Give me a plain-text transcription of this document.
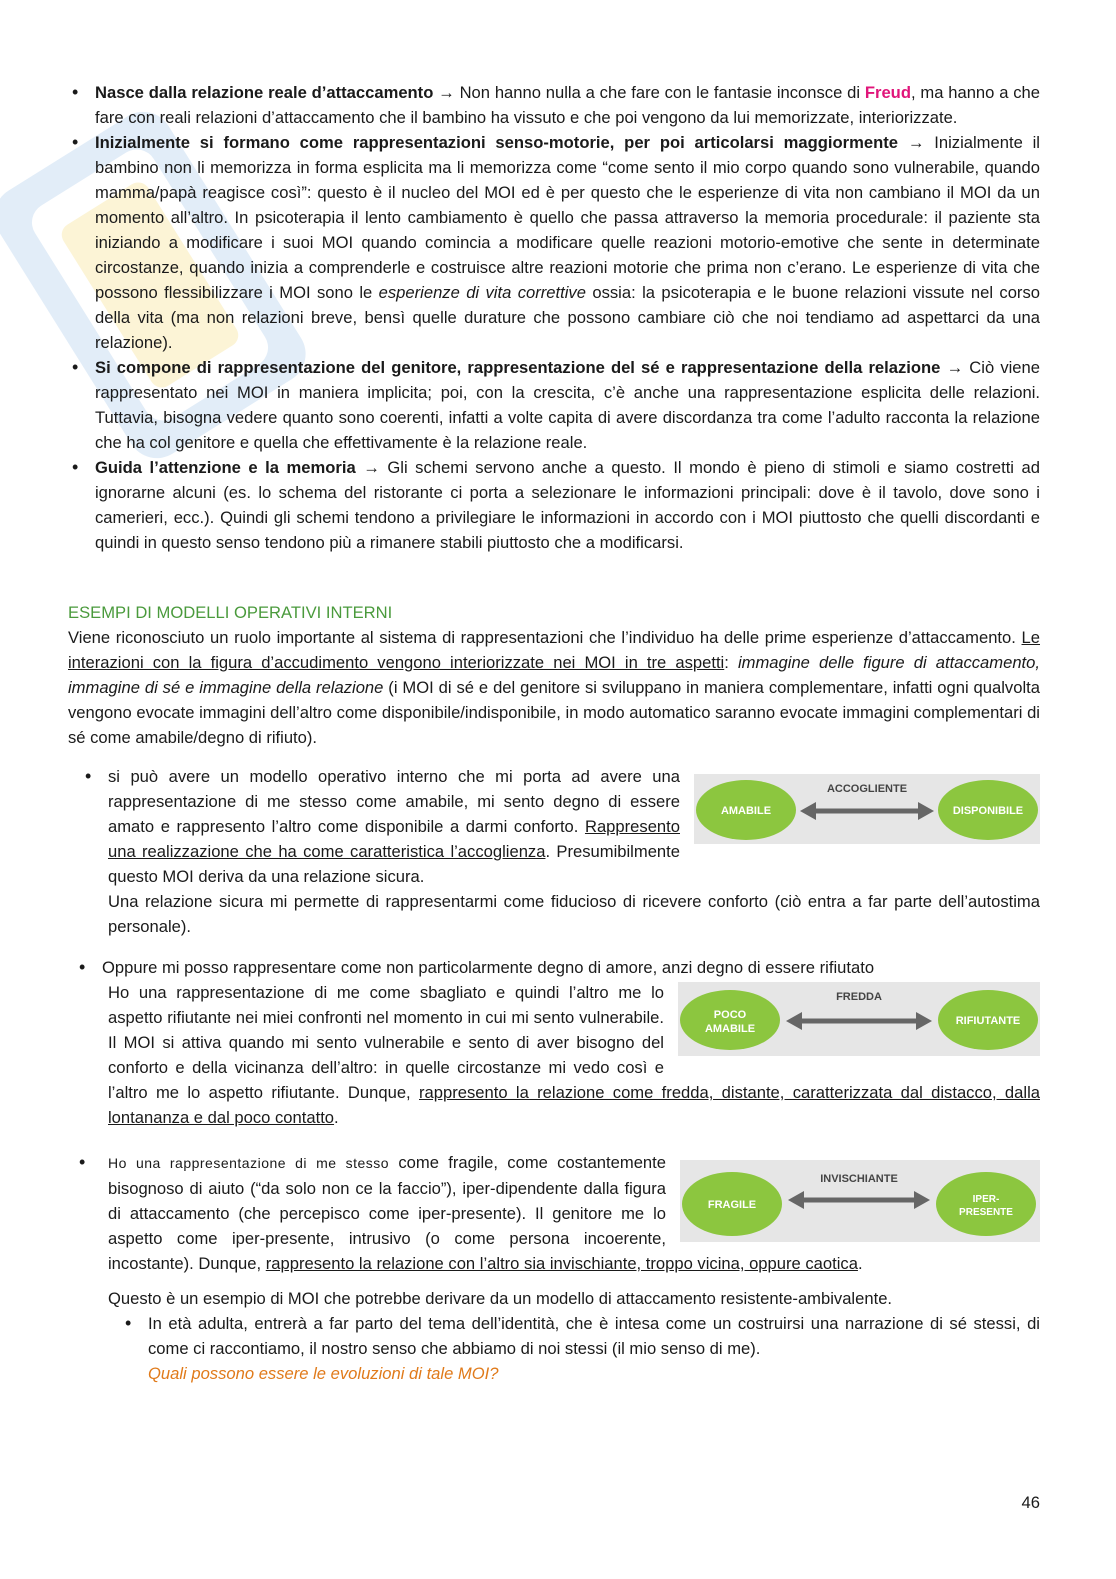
• Nasce dalla relazione reale d’attaccamento → Non hanno nulla a che fare con le fantasie inconsce di Freud, ma hanno a che fare con reali relazioni d’attaccamento che il bambino ha vissuto e che poi vengono da lui memorizzate, interiorizzate.
• Inizialmente si formano come rappresentazioni senso-motorie, per poi articolarsi maggiormente → Inizialmente il bambino non li memorizza in forma esplicita ma li memorizza come “come sento il mio corpo quando sono vulnerabile, quando mamma/papà reagisce così”: questo è il nucleo del MOI ed è per questo che le esperienze di vita non cambiano il MOI da un momento all’altro. In psicoterapia il lento cambiamento è quello che passa attraverso la memoria procedurale: il paziente sta iniziando a modificare i suoi MOI quando comincia a modificare quelle reazioni motorio-emotive che sente in determinate circostanze, quando inizia a comprenderle e costruisce altre reazioni motorie che prima non c’erano. Le esperienze di vita che possono flessibilizzare i MOI sono le esperienze di vita correttive ossia: la psicoterapia e le buone relazioni vissute nel corso della vita (ma non relazioni breve, bensì quelle durature che possono cambiare ciò che noi tendiamo ad aspettarci da una relazione).
• Si compone di rappresentazione del genitore, rappresentazione del sé e rappresentazione della relazione → Ciò viene rappresentato nei MOI in maniera implicita; poi, con la crescita, c’è anche una rappresentazione esplicita delle relazioni. Tuttavia, bisogna vedere quanto sono coerenti, infatti a volte capita di avere discordanza tra come l’adulto racconta la relazione che ha col genitore e quella che effettivamente è la relazione reale.
• Guida l’attenzione e la memoria → Gli schemi servono anche a questo. Il mondo è pieno di stimoli e siamo costretti ad ignorarne alcuni (es. lo schema del ristorante ci porta a selezionare le informazioni principali: dove è il tavolo, dove sono i camerieri, ecc.). Quindi gli schemi tendono a privilegiare le informazioni in accordo con i MOI piuttosto che quelli discordanti e quindi in questo senso tendono più a rimanere stabili piuttosto che a modificarsi.
ESEMPI DI MODELLI OPERATIVI INTERNI
Viene riconosciuto un ruolo importante al sistema di rappresentazioni che l’individuo ha delle prime esperienze d’attaccamento. Le interazioni con la figura d’accudimento vengono interiorizzate nei MOI in tre aspetti: immagine delle figure di attaccamento, immagine di sé e immagine della relazione (i MOI di sé e del genitore si sviluppano in maniera complementare, infatti ogni qualvolta vengono evocate immagini dell’altro come disponibile/indisponibile, in modo automatico saranno evocate immagini complementari di sé come amabile/degno di rifiuto).
• AMABILE
ACCOGLIENTE
DISPONIBILE
si può avere un modello operativo interno che mi porta ad avere una rappresentazione di me stesso come amabile, mi sento degno di essere amato e rappresento l’altro come disponibile a darmi conforto. Rappresento una realizzazione che ha come caratteristica l’accoglienza. Presumibilmente questo MOI deriva da una relazione sicura.
Una relazione sicura mi permette di rappresentarmi come fiducioso di ricevere conforto (ciò entra a far parte dell’autostima personale).
• Oppure mi posso rappresentare come non particolarmente degno di amore, anzi degno di essere rifiutato
POCO
AMABILE
FREDDA
RIFIUTANTE
Ho una rappresentazione di me come sbagliato e quindi l’altro me lo aspetto rifiutante nei miei confronti nel momento in cui mi sento vulnerabile. Il MOI si attiva quando mi sento vulnerabile e sento di aver bisogno del conforto e della vicinanza dell’altro: in quelle circostanze mi vedo così e l’altro me lo aspetto rifiutante. Dunque, rappresento la relazione come fredda, distante, caratterizzata dal distacco, dalla lontananza e dal poco contatto.
• FRAGILE
INVISCHIANTE
IPER-
PRESENTE
Ho una rappresentazione di me stesso come fragile, come costantemente bisognoso di aiuto (“da solo non ce la faccio”), iper-dipendente dalla figura di attaccamento (che percepisco come iper-presente). Il genitore me lo aspetto come iper-presente, intrusivo (o come persona incoerente, incostante). Dunque, rappresento la relazione con l’altro sia invischiante, troppo vicina, oppure caotica.
Questo è un esempio di MOI che potrebbe derivare da un modello di attaccamento resistente-ambivalente.
• In età adulta, entrerà a far parto del tema dell’identità, che è intesa come un costruirsi una narrazione di sé stessi, di come ci raccontiamo, il nostro senso che abbiamo di noi stessi (il mio senso di me).
Quali possono essere le evoluzioni di tale MOI?
46
